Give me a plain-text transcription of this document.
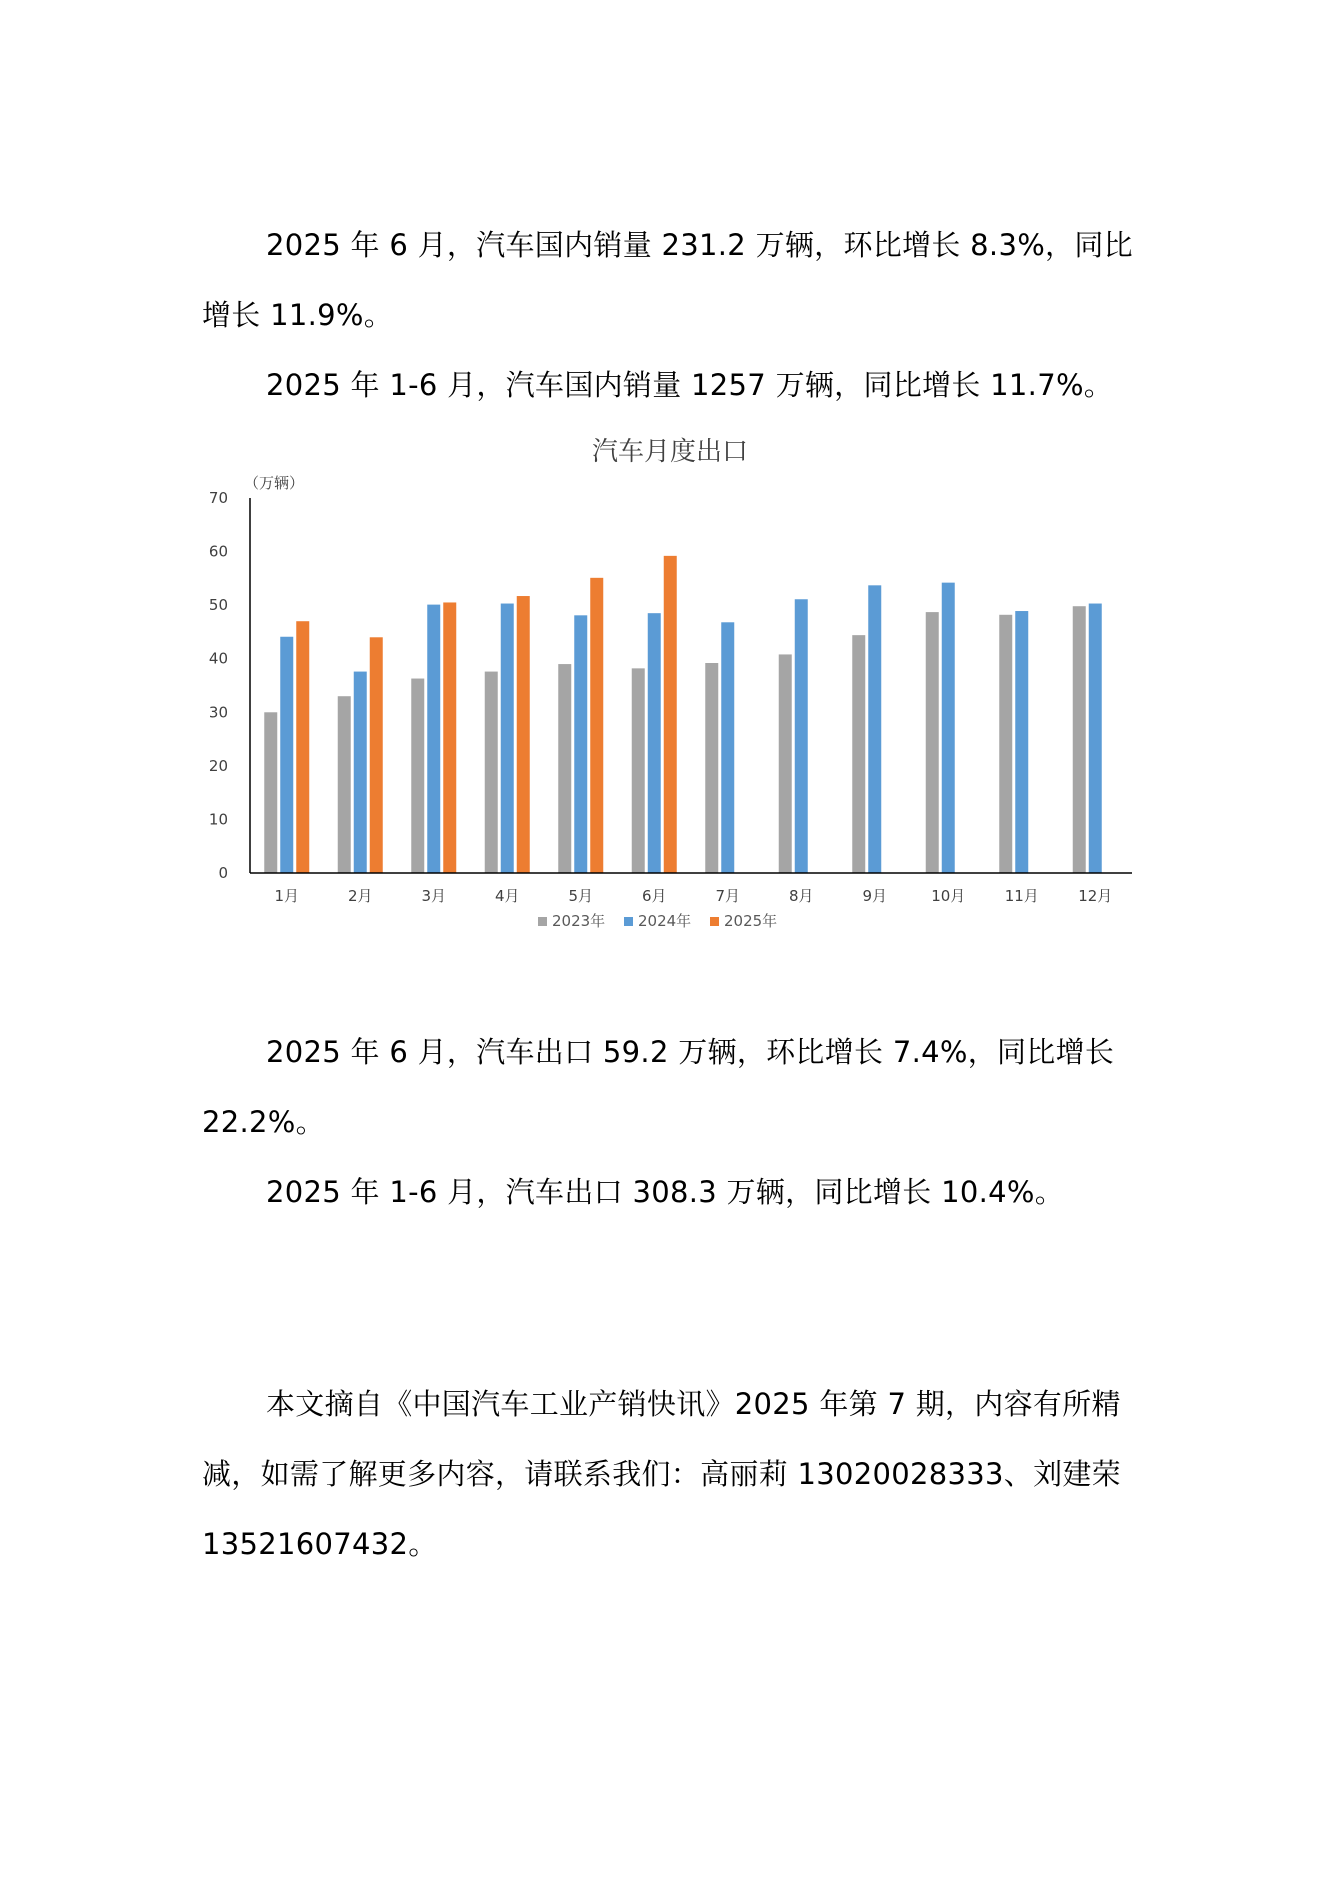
2025 年 6 月，汽车国内销量 231.2 万辆，环比增长 8.3%，同比增长 11.9%。

2025 年 1-6 月，汽车国内销量 1257 万辆，同比增长 11.7%。

2025 年 6 月，汽车出口 59.2 万辆，环比增长 7.4%，同比增长 22.2%。

2025 年 1-6 月，汽车出口 308.3 万辆，同比增长 10.4%。

本文摘自《中国汽车工业产销快讯》2025 年第 7 期，内容有所精减，如需了解更多内容，请联系我们：高丽莉 13020028333、刘建荣 13521607432。

汽车月度出口
（万辆）
0
10
20
30
40
50
60
70
1月	2月	3月	4月	5月	6月	7月	8月	9月	10月	11月	12月
2023年 2024年 2025年
